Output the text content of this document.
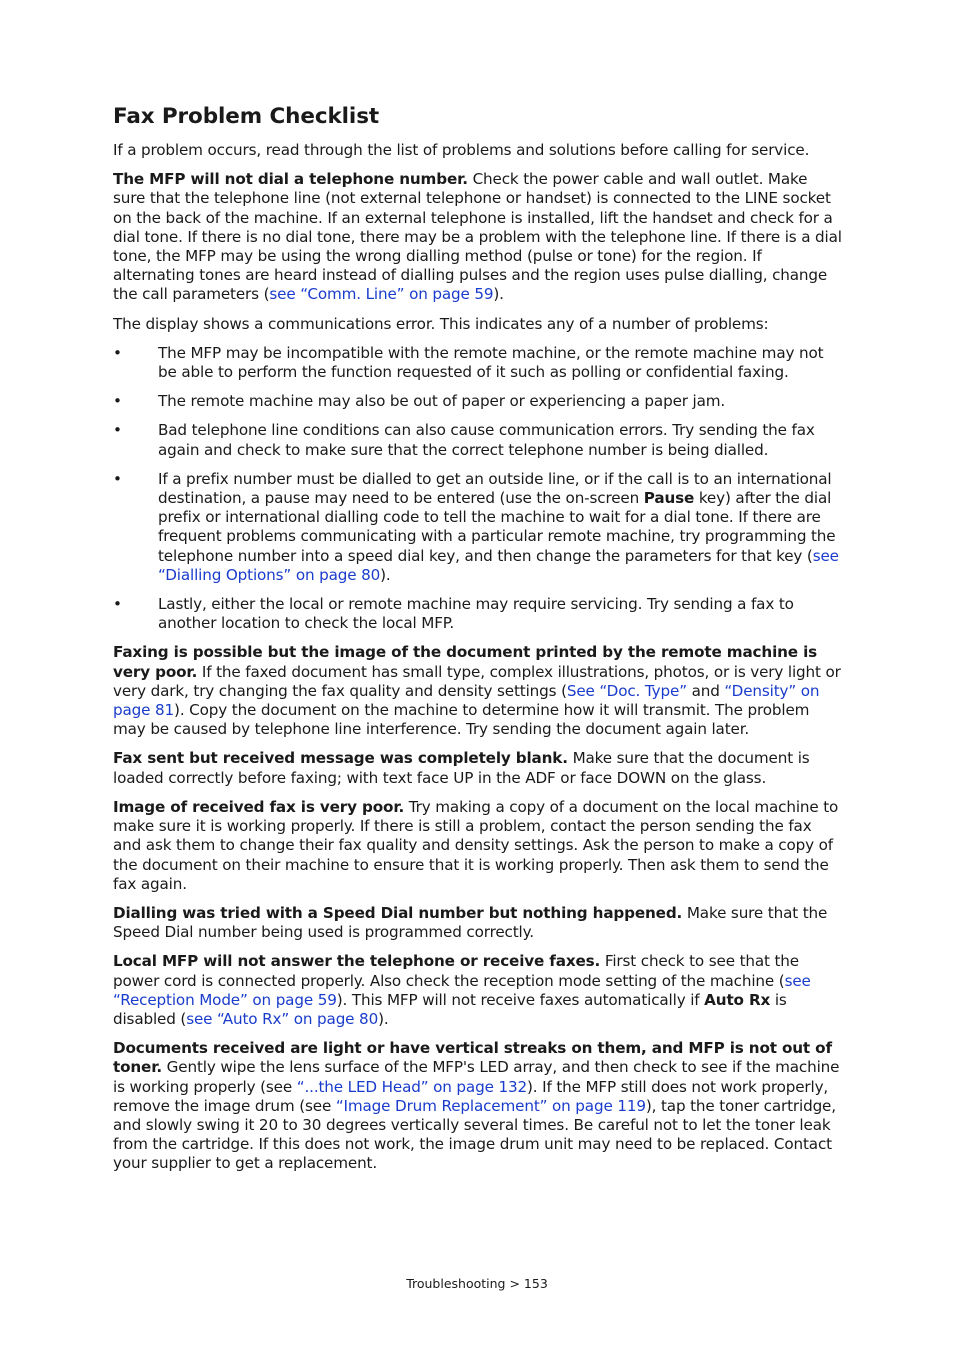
Fax Problem Checklist

If a problem occurs, read through the list of problems and solutions before calling for service.

The MFP will not dial a telephone number. Check the power cable and wall outlet. Make sure that the telephone line (not external telephone or handset) is connected to the LINE socket on the back of the machine. If an external telephone is installed, lift the handset and check for a dial tone. If there is no dial tone, there may be a problem with the telephone line. If there is a dial tone, the MFP may be using the wrong dialling method (pulse or tone) for the region. If alternating tones are heard instead of dialling pulses and the region uses pulse dialling, change the call parameters (see “Comm. Line” on page 59).

The display shows a communications error. This indicates any of a number of problems:

• The MFP may be incompatible with the remote machine, or the remote machine may not be able to perform the function requested of it such as polling or confidential faxing.
• The remote machine may also be out of paper or experiencing a paper jam.
• Bad telephone line conditions can also cause communication errors. Try sending the fax again and check to make sure that the correct telephone number is being dialled.
• If a prefix number must be dialled to get an outside line, or if the call is to an international destination, a pause may need to be entered (use the on-screen Pause key) after the dial prefix or international dialling code to tell the machine to wait for a dial tone. If there are frequent problems communicating with a particular remote machine, try programming the telephone number into a speed dial key, and then change the parameters for that key (see “Dialling Options” on page 80).
• Lastly, either the local or remote machine may require servicing. Try sending a fax to another location to check the local MFP.

Faxing is possible but the image of the document printed by the remote machine is very poor. If the faxed document has small type, complex illustrations, photos, or is very light or very dark, try changing the fax quality and density settings (See “Doc. Type” and “Density” on page 81). Copy the document on the machine to determine how it will transmit. The problem may be caused by telephone line interference. Try sending the document again later.

Fax sent but received message was completely blank. Make sure that the document is loaded correctly before faxing; with text face UP in the ADF or face DOWN on the glass.

Image of received fax is very poor. Try making a copy of a document on the local machine to make sure it is working properly. If there is still a problem, contact the person sending the fax and ask them to change their fax quality and density settings. Ask the person to make a copy of the document on their machine to ensure that it is working properly. Then ask them to send the fax again.

Dialling was tried with a Speed Dial number but nothing happened. Make sure that the Speed Dial number being used is programmed correctly.

Local MFP will not answer the telephone or receive faxes. First check to see that the power cord is connected properly. Also check the reception mode setting of the machine (see “Reception Mode” on page 59). This MFP will not receive faxes automatically if Auto Rx is disabled (see “Auto Rx” on page 80).

Documents received are light or have vertical streaks on them, and MFP is not out of toner. Gently wipe the lens surface of the MFP's LED array, and then check to see if the machine is working properly (see “...the LED Head” on page 132). If the MFP still does not work properly, remove the image drum (see “Image Drum Replacement” on page 119), tap the toner cartridge, and slowly swing it 20 to 30 degrees vertically several times. Be careful not to let the toner leak from the cartridge. If this does not work, the image drum unit may need to be replaced. Contact your supplier to get a replacement.

Troubleshooting > 153
